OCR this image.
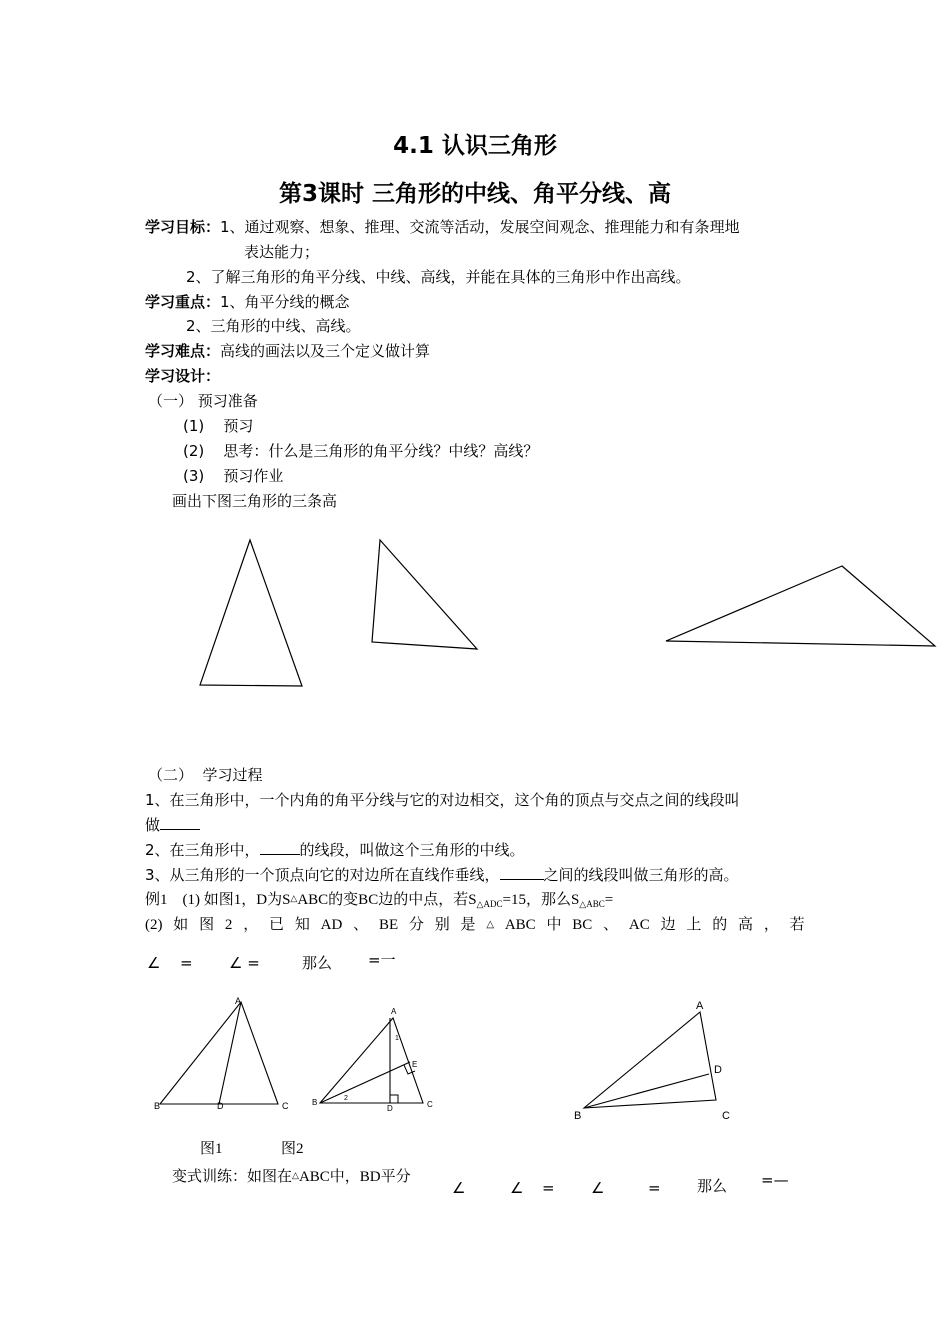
4.1 认识三角形
第3课时 三角形的中线、角平分线、高
学习目标：1、通过观察、想象、推理、交流等活动，发展空间观念、推理能力和有条理地
表达能力；
2、了解三角形的角平分线、中线、高线，并能在具体的三角形中作出高线。
学习重点：1、角平分线的概念
2、三角形的中线、高线。
学习难点：高线的画法以及三个定义做计算
学习设计：
（一） 预习准备
(1)    预习
(2)    思考：什么是三角形的角平分线？中线？高线？
(3)    预习作业
画出下图三角形的三条高
（二）  学习过程
1、在三角形中，一个内角的角平分线与它的对边相交，这个角的顶点与交点之间的线段叫
做
2、在三角形中，	的线段，叫做这个三角形的中线。
3、从三角形的一个顶点向它的对边所在直线作垂线，	之间的线段叫做三角形的高。
例1    (1) 如图1，D为S△ABC的变BC边的中点，若$S_{\triangle ADC}=15$，那么$S_{\triangle ABC}=$
(2) 如 图 2 ， 已 知 AD 、 BE 分 别 是 △ ABC 中 BC 、 AC 边 上 的 高 ， 若
∠ = ∠ =	那么 =一
A
B	D	C
A
1
E
B	2
D	C
A
D
B	C
图1	图2
变式训练：如图在△ABC中，BD平分
∠	∠ = ∠	= 那么 =—
